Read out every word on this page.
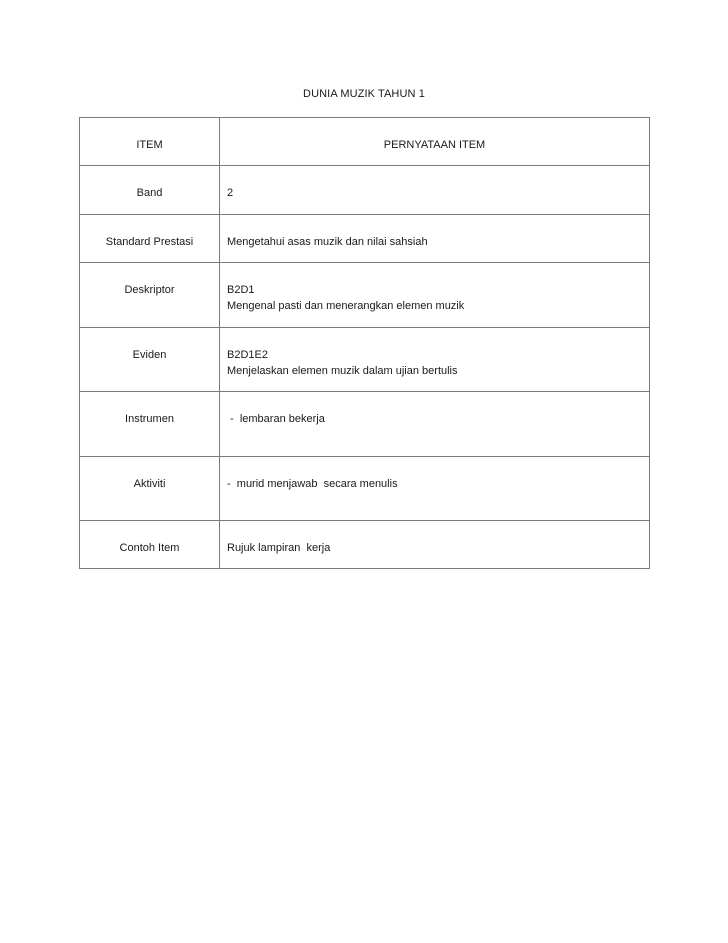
DUNIA MUZIK TAHUN 1
ITEM	PERNYATAAN ITEM
Band	2

Standard Prestasi	Mengetahui asas muzik dan nilai sahsiah

Deskriptor	B2D1
Mengenal pasti dan menerangkan elemen muzik

Eviden	B2D1E2
Menjelaskan elemen muzik dalam ujian bertulis

Instrumen	-  lembaran bekerja

Aktiviti	-  murid menjawab  secara menulis

Contoh Item	Rujuk lampiran  kerja
